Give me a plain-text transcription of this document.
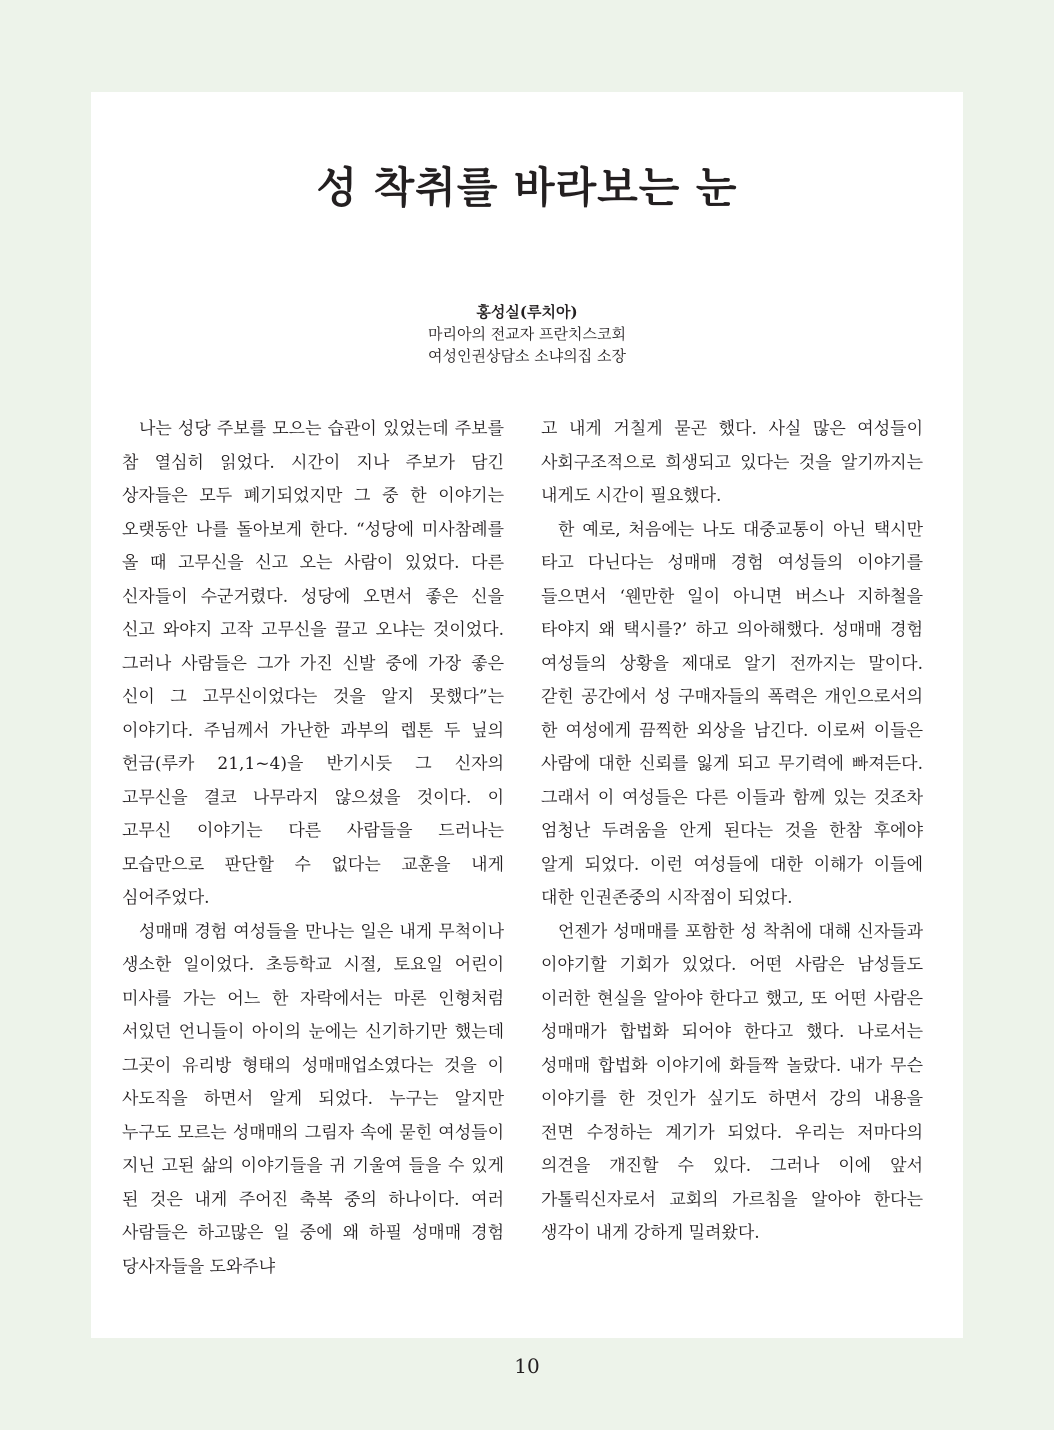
성 착취를 바라보는 눈
홍성실(루치아)
마리아의 전교자 프란치스코회
여성인권상담소 소냐의집 소장

나는 성당 주보를 모으는 습관이 있었는데 주보를 참 열심히 읽었다. 시간이 지나 주보가 담긴 상자들은 모두 폐기되었지만 그 중 한 이야기는 오랫동안 나를 돌아보게 한다. “성당에 미사참례를 올 때 고무신을 신고 오는 사람이 있었다. 다른 신자들이 수군거렸다. 성당에 오면서 좋은 신을 신고 와야지 고작 고무신을 끌고 오냐는 것이었다. 그러나 사람들은 그가 가진 신발 중에 가장 좋은 신이 그 고무신이었다는 것을 알지 못했다”는 이야기다. 주님께서 가난한 과부의 렙톤 두 닢의 헌금(루카 21,1~4)을 반기시듯 그 신자의 고무신을 결코 나무라지 않으셨을 것이다. 이 고무신 이야기는 다른 사람들을 드러나는 모습만으로 판단할 수 없다는 교훈을 내게 심어주었다.

성매매 경험 여성들을 만나는 일은 내게 무척이나 생소한 일이었다. 초등학교 시절, 토요일 어린이 미사를 가는 어느 한 자락에서는 마론 인형처럼 서있던 언니들이 아이의 눈에는 신기하기만 했는데 그곳이 유리방 형태의 성매매업소였다는 것을 이 사도직을 하면서 알게 되었다. 누구는 알지만 누구도 모르는 성매매의 그림자 속에 묻힌 여성들이 지닌 고된 삶의 이야기들을 귀 기울여 들을 수 있게 된 것은 내게 주어진 축복 중의 하나이다. 여러 사람들은 하고많은 일 중에 왜 하필 성매매 경험 당사자들을 도와주냐

고 내게 거칠게 묻곤 했다. 사실 많은 여성들이 사회구조적으로 희생되고 있다는 것을 알기까지는 내게도 시간이 필요했다.

한 예로, 처음에는 나도 대중교통이 아닌 택시만 타고 다닌다는 성매매 경험 여성들의 이야기를 들으면서 ‘웬만한 일이 아니면 버스나 지하철을 타야지 왜 택시를?’ 하고 의아해했다. 성매매 경험 여성들의 상황을 제대로 알기 전까지는 말이다. 갇힌 공간에서 성 구매자들의 폭력은 개인으로서의 한 여성에게 끔찍한 외상을 남긴다. 이로써 이들은 사람에 대한 신뢰를 잃게 되고 무기력에 빠져든다. 그래서 이 여성들은 다른 이들과 함께 있는 것조차 엄청난 두려움을 안게 된다는 것을 한참 후에야 알게 되었다. 이런 여성들에 대한 이해가 이들에 대한 인권존중의 시작점이 되었다.

언젠가 성매매를 포함한 성 착취에 대해 신자들과 이야기할 기회가 있었다. 어떤 사람은 남성들도 이러한 현실을 알아야 한다고 했고, 또 어떤 사람은 성매매가 합법화 되어야 한다고 했다. 나로서는 성매매 합법화 이야기에 화들짝 놀랐다. 내가 무슨 이야기를 한 것인가 싶기도 하면서 강의 내용을 전면 수정하는 계기가 되었다. 우리는 저마다의 의견을 개진할 수 있다. 그러나 이에 앞서 가톨릭신자로서 교회의 가르침을 알아야 한다는 생각이 내게 강하게 밀려왔다.

10
